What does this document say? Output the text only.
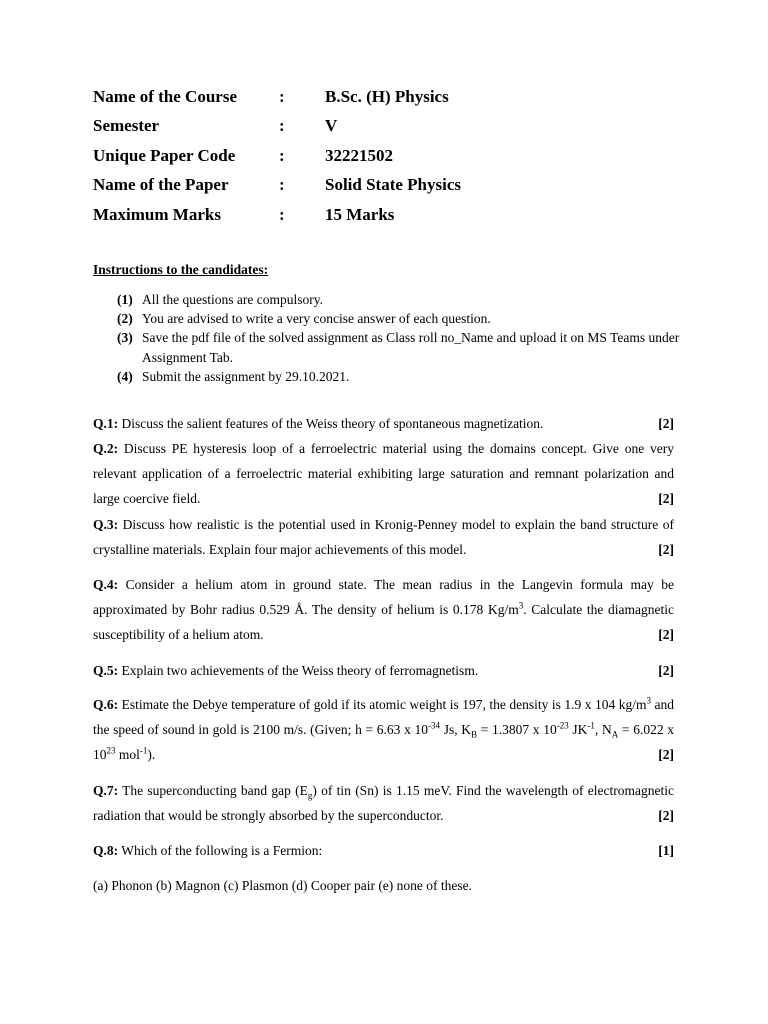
Name of the Course : B.Sc. (H) Physics
Semester	: V
Unique Paper Code	: 32221502
Name of the Paper	: Solid State Physics
Maximum Marks	: 15 Marks
Instructions to the candidates:
(1) All the questions are compulsory.
(2) You are advised to write a very concise answer of each question.
(3) Save the pdf file of the solved assignment as Class roll no_Name and upload it on MS Teams under Assignment Tab.
(4) Submit the assignment by 29.10.2021.
Q.1: Discuss the salient features of the Weiss theory of spontaneous magnetization.	[2]
Q.2: Discuss PE hysteresis loop of a ferroelectric material using the domains concept. Give one very relevant application of a ferroelectric material exhibiting large saturation and remnant polarization and large coercive field.	[2]
Q.3: Discuss how realistic is the potential used in Kronig-Penney model to explain the band structure of crystalline materials. Explain four major achievements of this model.	[2]
Q.4: Consider a helium atom in ground state. The mean radius in the Langevin formula may be approximated by Bohr radius 0.529 Å. The density of helium is 0.178 $Kg/m^3$. Calculate the diamagnetic susceptibility of a helium atom.	[2]
Q.5: Explain two achievements of the Weiss theory of ferromagnetism.	[2]
Q.6: Estimate the Debye temperature of gold if its atomic weight is 197, the density is 1.9 x 104 $kg/m^3$ and the speed of sound in gold is 2100 m/s. (Given; h = 6.63 x $10^{-34}$ Js, $K_B = 1.3807$ x $10^{-23}$ $JK^{-1}$, $N_A = 6.022$ x $10^{23}$ mol$^{-1}$).	[2]
Q.7: The superconducting band gap $(E_g)$ of tin (Sn) is 1.15 meV. Find the wavelength of electromagnetic radiation that would be strongly absorbed by the superconductor.	[2]
Q.8: Which of the following is a Fermion:	[1]
(a) Phonon (b) Magnon (c) Plasmon (d) Cooper pair (e) none of these.
